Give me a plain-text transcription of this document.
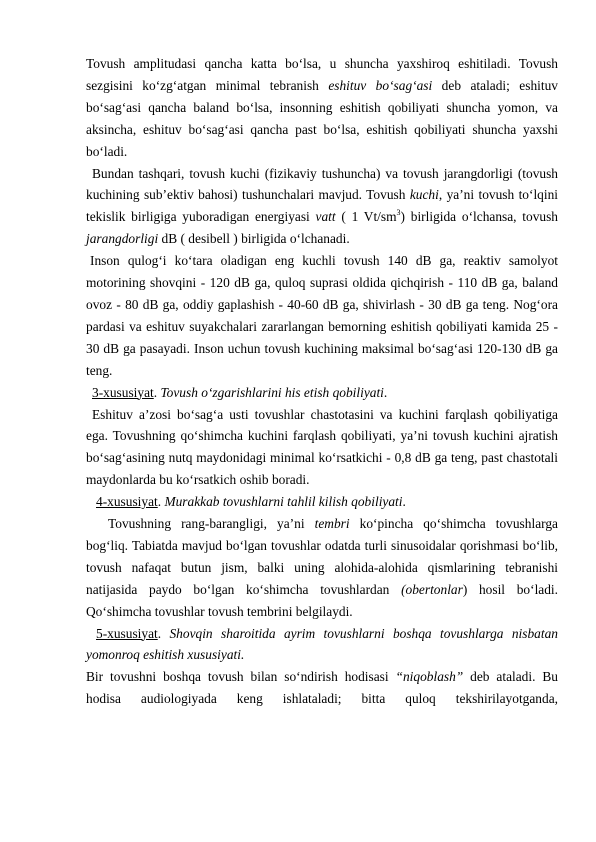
Tovush amplitudasi qancha katta bo‘lsa, u shuncha yaxshiroq eshitiladi. Tovush sezgisini ko‘zg‘atgan minimal tebranish eshituv bo‘sag‘asi deb ataladi; eshituv bo‘sag‘asi qancha baland bo‘lsa, insonning eshitish qobiliyati shuncha yomon, va aksincha, eshituv bo‘sag‘asi qancha past bo‘lsa, eshitish qobiliyati shuncha yaxshi bo‘ladi.

Bundan tashqari, tovush kuchi (fizikaviy tushuncha) va tovush jarangdorligi (tovush kuchining sub’ektiv bahosi) tushunchalari mavjud. Tovush kuchi, ya’ni tovush to‘lqini tekislik birligiga yuboradigan energiyasi vatt ( 1 $Vt/sm^3$) birligida o‘lchansa, tovush jarangdorligi dB ( desibell ) birligida o‘lchanadi.

Inson qulog‘i ko‘tara oladigan eng kuchli tovush 140 dB ga, reaktiv samolyot motorining shovqini - 120 dB ga, quloq suprasi oldida qichqirish - 110 dB ga, baland ovoz - 80 dB ga, oddiy gaplashish - 40-60 dB ga, shivirlash - 30 dB ga teng. Nog‘ora pardasi va eshituv suyakchalari zararlangan bemorning eshitish qobiliyati kamida 25 - 30 dB ga pasayadi. Inson uchun tovush kuchining maksimal bo‘sag‘asi 120-130 dB ga teng.

3-xususiyat. Tovush o‘zgarishlarini his etish qobiliyati.

Eshituv a’zosi bo‘sag‘a usti tovushlar chastotasini va kuchini farqlash qobiliyatiga ega. Tovushning qo‘shimcha kuchini farqlash qobiliyati, ya’ni tovush kuchini ajratish bo‘sag‘asining nutq maydonidagi minimal ko‘rsatkichi - 0,8 dB ga teng, past chastotali maydonlarda bu ko‘rsatkich oshib boradi.

4-xususiyat. Murakkab tovushlarni tahlil kilish qobiliyati.

Tovushning rang-barangligi, ya’ni tembri ko‘pincha qo‘shimcha tovushlarga bog‘liq. Tabiatda mavjud bo‘lgan tovushlar odatda turli sinusoidalar qorishmasi bo‘lib, tovush nafaqat butun jism, balki uning alohida-alohida qismlarining tebranishi natijasida paydo bo‘lgan ko‘shimcha tovushlardan (obertonlar) hosil bo‘ladi. Qo‘shimcha tovushlar tovush tembrini belgilaydi.

5-xususiyat. Shovqin sharoitida ayrim tovushlarni boshqa tovushlarga nisbatan yomonroq eshitish xususiyati.

Bir tovushni boshqa tovush bilan so‘ndirish hodisasi “niqoblash” deb ataladi. Bu hodisa audiologiyada keng ishlataladi; bitta quloq tekshirilayotganda,
